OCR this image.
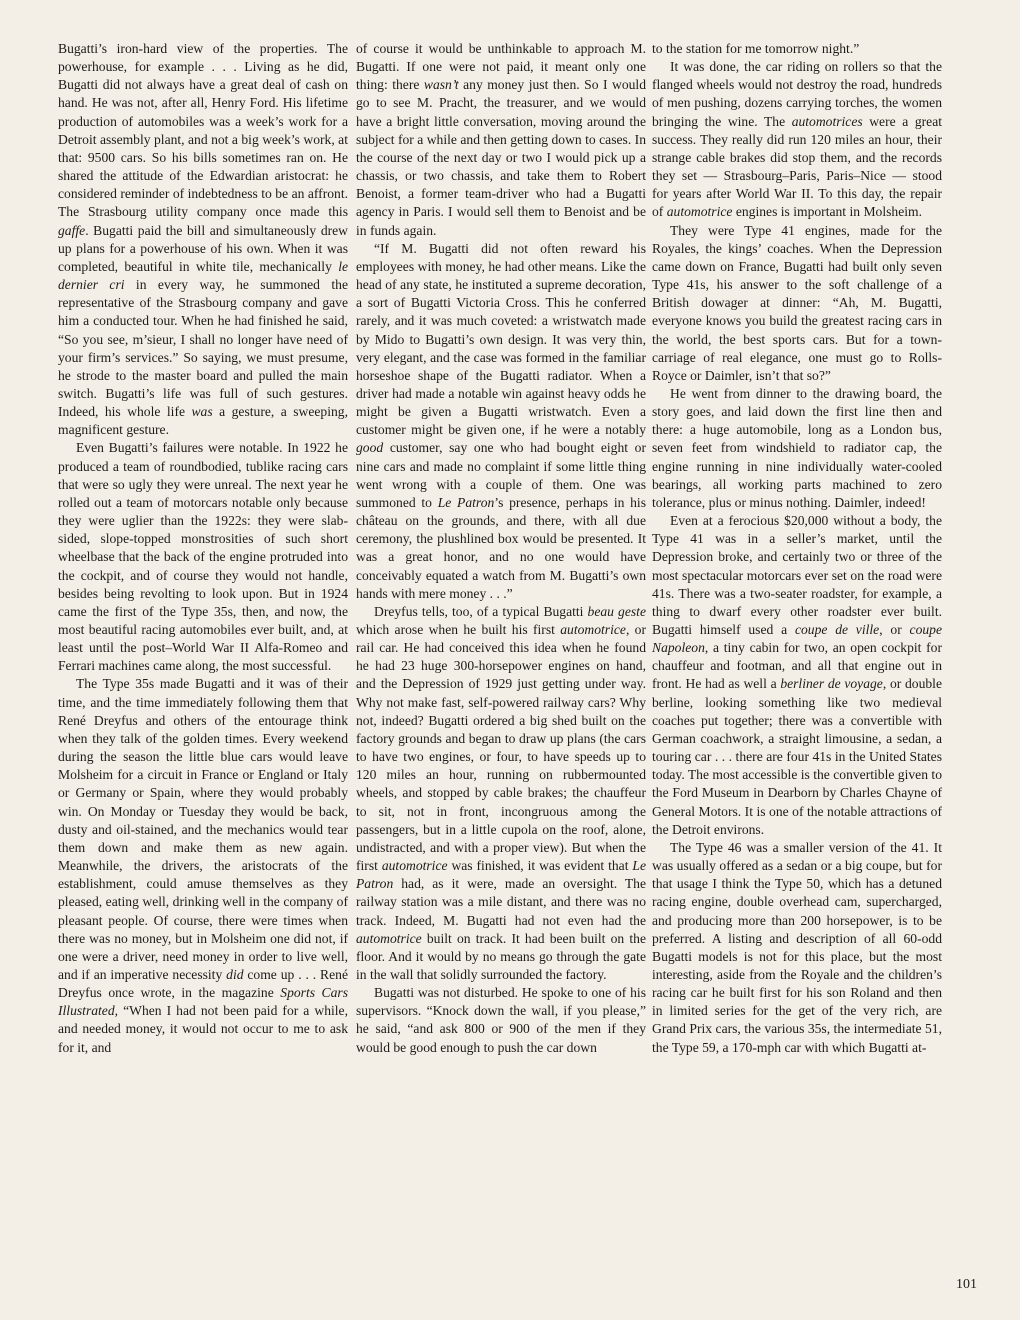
Bugatti’s iron-hard view of the properties. The powerhouse, for example . . . Living as he did, Bugatti did not always have a great deal of cash on hand. He was not, after all, Henry Ford. His lifetime production of automobiles was a week’s work for a Detroit assembly plant, and not a big week’s work, at that: 9500 cars. So his bills sometimes ran on. He shared the attitude of the Edwardian aristocrat: he considered reminder of indebtedness to be an affront. The Strasbourg utility company once made this gaffe. Bugatti paid the bill and simultaneously drew up plans for a powerhouse of his own. When it was completed, beautiful in white tile, mechanically le dernier cri in every way, he summoned the representative of the Strasbourg company and gave him a conducted tour. When he had finished he said, “So you see, m’sieur, I shall no longer have need of your firm’s services.” So saying, we must presume, he strode to the master board and pulled the main switch. Bugatti’s life was full of such gestures. Indeed, his whole life was a gesture, a sweeping, magnificent gesture.

Even Bugatti’s failures were notable. In 1922 he produced a team of roundbodied, tublike racing cars that were so ugly they were unreal. The next year he rolled out a team of motorcars notable only because they were uglier than the 1922s: they were slab-sided, slope-topped monstrosities of such short wheelbase that the back of the engine protruded into the cockpit, and of course they would not handle, besides being revolting to look upon. But in 1924 came the first of the Type 35s, then, and now, the most beautiful racing automobiles ever built, and, at least until the post–World War II Alfa-Romeo and Ferrari machines came along, the most successful.

The Type 35s made Bugatti and it was of their time, and the time immediately following them that René Dreyfus and others of the entourage think when they talk of the golden times. Every weekend during the season the little blue cars would leave Molsheim for a circuit in France or England or Italy or Germany or Spain, where they would probably win. On Monday or Tuesday they would be back, dusty and oil-stained, and the mechanics would tear them down and make them as new again. Meanwhile, the drivers, the aristocrats of the establishment, could amuse themselves as they pleased, eating well, drinking well in the company of pleasant people. Of course, there were times when there was no money, but in Molsheim one did not, if one were a driver, need money in order to live well, and if an imperative necessity did come up . . . René Dreyfus once wrote, in the magazine Sports Cars Illustrated, “When I had not been paid for a while, and needed money, it would not occur to me to ask for it, and

of course it would be unthinkable to approach M. Bugatti. If one were not paid, it meant only one thing: there wasn’t any money just then. So I would go to see M. Pracht, the treasurer, and we would have a bright little conversation, moving around the subject for a while and then getting down to cases. In the course of the next day or two I would pick up a chassis, or two chassis, and take them to Robert Benoist, a former team-driver who had a Bugatti agency in Paris. I would sell them to Benoist and be in funds again.

“If M. Bugatti did not often reward his employees with money, he had other means. Like the head of any state, he instituted a supreme decoration, a sort of Bugatti Victoria Cross. This he conferred rarely, and it was much coveted: a wristwatch made by Mido to Bugatti’s own design. It was very thin, very elegant, and the case was formed in the familiar horseshoe shape of the Bugatti radiator. When a driver had made a notable win against heavy odds he might be given a Bugatti wristwatch. Even a customer might be given one, if he were a notably good customer, say one who had bought eight or nine cars and made no complaint if some little thing went wrong with a couple of them. One was summoned to Le Patron’s presence, perhaps in his château on the grounds, and there, with all due ceremony, the plushlined box would be presented. It was a great honor, and no one would have conceivably equated a watch from M. Bugatti’s own hands with mere money . . .”

Dreyfus tells, too, of a typical Bugatti beau geste which arose when he built his first automotrice, or rail car. He had conceived this idea when he found he had 23 huge 300-horsepower engines on hand, and the Depression of 1929 just getting under way. Why not make fast, self-powered railway cars? Why not, indeed? Bugatti ordered a big shed built on the factory grounds and began to draw up plans (the cars to have two engines, or four, to have speeds up to 120 miles an hour, running on rubbermounted wheels, and stopped by cable brakes; the chauffeur to sit, not in front, incongruous among the passengers, but in a little cupola on the roof, alone, undistracted, and with a proper view). But when the first automotrice was finished, it was evident that Le Patron had, as it were, made an oversight. The railway station was a mile distant, and there was no track. Indeed, M. Bugatti had not even had the automotrice built on track. It had been built on the floor. And it would by no means go through the gate in the wall that solidly surrounded the factory.

Bugatti was not disturbed. He spoke to one of his supervisors. “Knock down the wall, if you please,” he said, “and ask 800 or 900 of the men if they would be good enough to push the car down

to the station for me tomorrow night.”

It was done, the car riding on rollers so that the flanged wheels would not destroy the road, hundreds of men pushing, dozens carrying torches, the women bringing the wine. The automotrices were a great success. They really did run 120 miles an hour, their strange cable brakes did stop them, and the records they set — Strasbourg–Paris, Paris–Nice — stood for years after World War II. To this day, the repair of automotrice engines is important in Molsheim.

They were Type 41 engines, made for the Royales, the kings’ coaches. When the Depression came down on France, Bugatti had built only seven Type 41s, his answer to the soft challenge of a British dowager at dinner: “Ah, M. Bugatti, everyone knows you build the greatest racing cars in the world, the best sports cars. But for a town-carriage of real elegance, one must go to Rolls-Royce or Daimler, isn’t that so?”

He went from dinner to the drawing board, the story goes, and laid down the first line then and there: a huge automobile, long as a London bus, seven feet from windshield to radiator cap, the engine running in nine individually water-cooled bearings, all working parts machined to zero tolerance, plus or minus nothing. Daimler, indeed!

Even at a ferocious $20,000 without a body, the Type 41 was in a seller’s market, until the Depression broke, and certainly two or three of the most spectacular motorcars ever set on the road were 41s. There was a two-seater roadster, for example, a thing to dwarf every other roadster ever built. Bugatti himself used a coupe de ville, or coupe Napoleon, a tiny cabin for two, an open cockpit for chauffeur and footman, and all that engine out in front. He had as well a berliner de voyage, or double berline, looking something like two medieval coaches put together; there was a convertible with German coachwork, a straight limousine, a sedan, a touring car . . . there are four 41s in the United States today. The most accessible is the convertible given to the Ford Museum in Dearborn by Charles Chayne of General Motors. It is one of the notable attractions of the Detroit environs.

The Type 46 was a smaller version of the 41. It was usually offered as a sedan or a big coupe, but for that usage I think the Type 50, which has a detuned racing engine, double overhead cam, supercharged, and producing more than 200 horsepower, is to be preferred. A listing and description of all 60-odd Bugatti models is not for this place, but the most interesting, aside from the Royale and the children’s racing car he built first for his son Roland and then in limited series for the get of the very rich, are Grand Prix cars, the various 35s, the intermediate 51, the Type 59, a 170-mph car with which Bugatti at-

101
